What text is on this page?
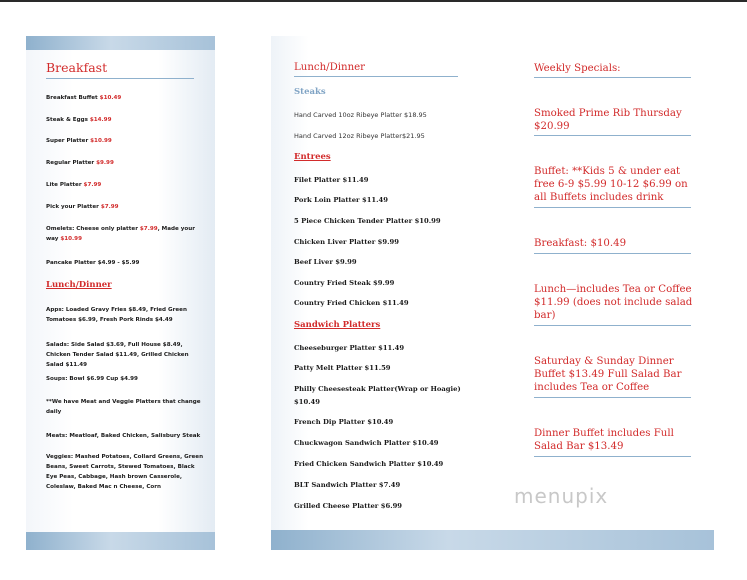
Breakfast
Breakfast Buffet $10.49
Steak & Eggs $14.99
Super Platter $10.99
Regular Platter $9.99
Lite Platter $7.99
Pick your Platter $7.99
Omelets: Cheese only platter $7.99, Made your way $10.99
Pancake Platter $4.99 - $5.99
Lunch/Dinner
Apps: Loaded Gravy Fries $8.49, Fried Green Tomatoes $6.99, Fresh Pork Rinds $4.49
Salads: Side Salad $3.69, Full House $8.49, Chicken Tender Salad $11.49, Grilled Chicken Salad $11.49
Soups: Bowl $6.99 Cup $4.99
**We have Meat and Veggie Platters that change daily
Meats: Meatloaf, Baked Chicken, Salisbury Steak
Veggies: Mashed Potatoes, Collard Greens, Green Beans, Sweet Carrots, Stewed Tomatoes, Black Eye Peas, Cabbage, Hash brown Casserole, Coleslaw, Baked Mac n Cheese, Corn
Lunch/Dinner
Steaks
Hand Carved 10oz Ribeye Platter $18.95
Hand Carved 12oz Ribeye Platter$21.95
Entrees
Filet Platter $11.49
Pork Loin Platter $11.49
5 Piece Chicken Tender Platter $10.99
Chicken Liver Platter $9.99
Beef Liver $9.99
Country Fried Steak $9.99
Country Fried Chicken $11.49
Sandwich Platters
Cheeseburger Platter $11.49
Patty Melt Platter $11.59
Philly Cheesesteak Platter(Wrap or Hoagie) $10.49
French Dip Platter $10.49
Chuckwagon Sandwich Platter $10.49
Fried Chicken Sandwich Platter $10.49
BLT Sandwich Platter $7.49
Grilled Cheese Platter $6.99
Weekly Specials:
Smoked Prime Rib Thursday $20.99
Buffet: **Kids 5 & under eat free 6-9 $5.99 10-12 $6.99 on all Buffets includes drink
Breakfast: $10.49
Lunch—includes Tea or Coffee $11.99 (does not include salad bar)
Saturday & Sunday Dinner Buffet $13.49 Full Salad Bar includes Tea or Coffee
Dinner Buffet includes Full Salad Bar $13.49
menupix
